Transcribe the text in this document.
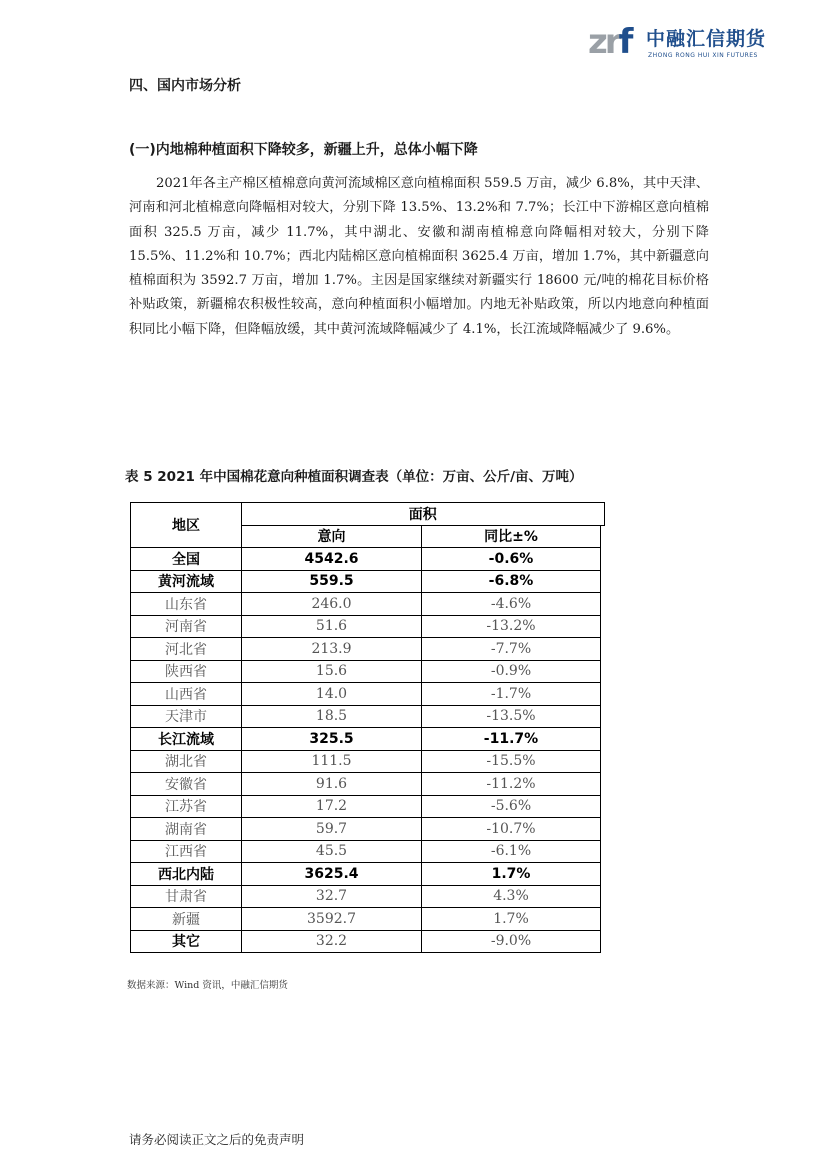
zrf 中融汇信期货
ZHONG RONG HUI XIN FUTURES
四、国内市场分析
(一)内地棉种植面积下降较多，新疆上升，总体小幅下降

2021年各主产棉区植棉意向黄河流域棉区意向植棉面积 559.5 万亩，减少 6.8%，其中天津、河南和河北植棉意向降幅相对较大，分别下降 13.5%、13.2%和 7.7%；长江中下游棉区意向植棉面积 325.5 万亩，减少 11.7%，其中湖北、安徽和湖南植棉意向降幅相对较大，分别下降 15.5%、11.2%和 10.7%；西北内陆棉区意向植棉面积 3625.4 万亩，增加 1.7%，其中新疆意向植棉面积为 3592.7 万亩，增加 1.7%。主因是国家继续对新疆实行 18600 元/吨的棉花目标价格补贴政策，新疆棉农积极性较高，意向种植面积小幅增加。内地无补贴政策，所以内地意向种植面积同比小幅下降，但降幅放缓，其中黄河流域降幅减少了 4.1%，长江流域降幅减少了 9.6%。

表 5 2021 年中国棉花意向种植面积调查表（单位：万亩、公斤/亩、万吨）
地区	面积		
	意向	同比±%	
全国	4542.6	-0.6%	
黄河流域	559.5	-6.8%	
山东省	246.0	-4.6%	
河南省	51.6	-13.2%	
河北省	213.9	-7.7%	
陕西省	15.6	-0.9%	
山西省	14.0	-1.7%	
天津市	18.5	-13.5%	
长江流域	325.5	-11.7%	
湖北省	111.5	-15.5%	
安徽省	91.6	-11.2%	
江苏省	17.2	-5.6%	
湖南省	59.7	-10.7%	
江西省	45.5	-6.1%	
西北内陆	3625.4	1.7%	
甘肃省	32.7	4.3%	
新疆	3592.7	1.7%	
其它	32.2	-9.0%	
数据来源：Wind 资讯，中融汇信期货
请务必阅读正文之后的免责声明
